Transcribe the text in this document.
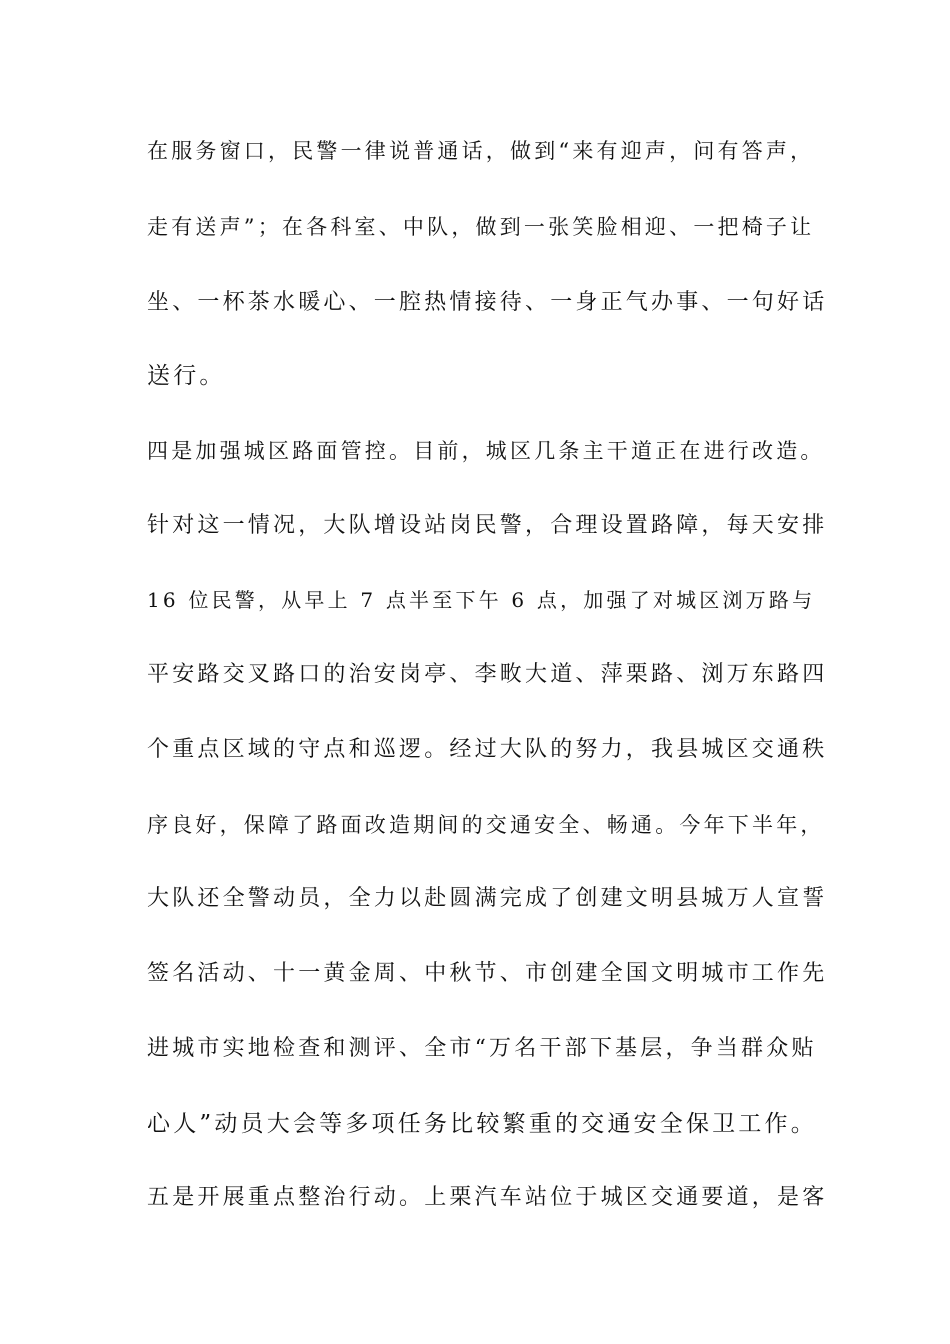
在服务窗口，民警一律说普通话，做到“来有迎声，问有答声，
走有送声”；在各科室、中队，做到一张笑脸相迎、一把椅子让
坐、一杯茶水暖心、一腔热情接待、一身正气办事、一句好话
送行。
四是加强城区路面管控。目前，城区几条主干道正在进行改造。
针对这一情况，大队增设站岗民警，合理设置路障，每天安排
16 位民警，从早上 7 点半至下午 6 点，加强了对城区浏万路与
平安路交叉路口的治安岗亭、李畋大道、萍栗路、浏万东路四
个重点区域的守点和巡逻。经过大队的努力，我县城区交通秩
序良好，保障了路面改造期间的交通安全、畅通。今年下半年，
大队还全警动员，全力以赴圆满完成了创建文明县城万人宣誓
签名活动、十一黄金周、中秋节、市创建全国文明城市工作先
进城市实地检查和测评、全市“万名干部下基层，争当群众贴
心人”动员大会等多项任务比较繁重的交通安全保卫工作。
五是开展重点整治行动。上栗汽车站位于城区交通要道，是客
